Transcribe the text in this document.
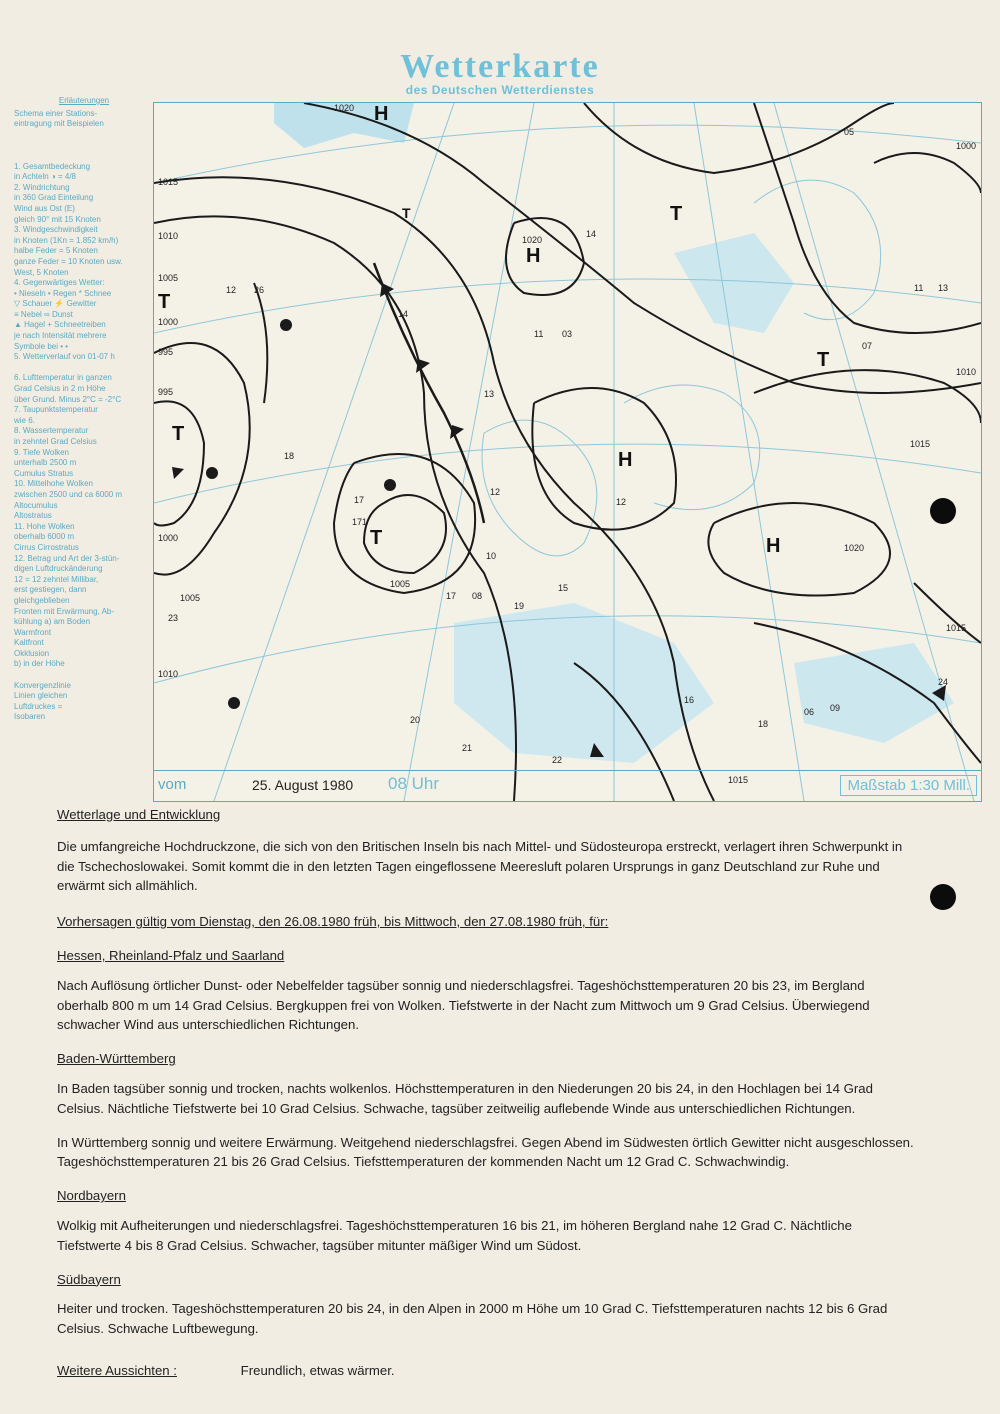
Wetterkarte
des Deutschen Wetterdienstes
Erläuterungen
Schema einer Stations-
eintragung mit Beispielen
1. Gesamtbedeckung
in Achteln ◑ = 4/8
2. Windrichtung
in 360 Grad Einteilung
Wind aus Ost (E)
gleich 90° mit 15 Knoten
3. Windgeschwindigkeit
in Knoten (1Kn = 1.852 km/h)
halbe Feder = 5 Knoten
ganze Feder = 10 Knoten usw.
West, 5 Knoten
4. Gegenwärtiges Wetter:
• Nieseln • Regen * Schnee
▽ Schauer ⚡ Gewitter
≡ Nebel ∞ Dunst
▲ Hagel + Schneetreiben
je nach Intensität mehrere
Symbole bei • •
5. Wetterverlauf von 01-07 h
6. Lufttemperatur in ganzen
Grad Celsius in 2 m Höhe
über Grund. Minus 2°C = -2°C
7. Taupunktstemperatur
wie 6.
8. Wassertemperatur
in zehntel Grad Celsius
9. Tiefe Wolken
unterhalb 2500 m
Cumulus Stratus
10. Mittelhohe Wolken
zwischen 2500 und ca 6000 m
Altocumulus
Altostratus
11. Hohe Wolken
oberhalb 6000 m
Cirrus Cirrostratus
12. Betrag und Art der 3-stün-
digen Luftdruckänderung
12 = 12 zehntel Millibar,
erst gestiegen, dann
gleichgeblieben
Fronten mit Erwärmung, Ab-
kühlung a) am Boden
Warmfront
Kaltfront
Okklusion
b) in der Höhe
Konvergenzlinie
Linien gleichen
Luftdruckes =
Isobaren
H
H
H
H
T
T
T
T
T
T
1020
1015
1010
1005
1000
995
995
1000
1005
1010
1015
1020
1020
1015
1015
1010
1005
1000
12 26
18
17
171
14
13
12
11 03
19
10
15
17 08
21
22
20	18
16
09
07
06
05
11 13
24
23
14
12
vom	25. August 1980 08 Uhr	Maßstab 1:30 Mill.
Wetterlage und Entwicklung

Die umfangreiche Hochdruckzone, die sich von den Britischen Inseln bis nach Mittel- und Südosteuropa erstreckt, verlagert ihren Schwerpunkt in die Tschechoslowakei. Somit kommt die in den letzten Tagen eingeflossene Meeresluft polaren Ursprungs in ganz Deutschland zur Ruhe und erwärmt sich allmählich.

Vorhersagen gültig vom Dienstag, den 26.08.1980 früh, bis Mittwoch, den 27.08.1980 früh, für:
Hessen, Rheinland-Pfalz und Saarland

Nach Auflösung örtlicher Dunst- oder Nebelfelder tagsüber sonnig und niederschlagsfrei. Tageshöchsttemperaturen 20 bis 23, im Bergland oberhalb 800 m um 14 Grad Celsius. Bergkuppen frei von Wolken. Tiefstwerte in der Nacht zum Mittwoch um 9 Grad Celsius. Überwiegend schwacher Wind aus unterschiedlichen Richtungen.

Baden-Württemberg

In Baden tagsüber sonnig und trocken, nachts wolkenlos. Höchsttemperaturen in den Niederungen 20 bis 24, in den Hochlagen bei 14 Grad Celsius. Nächtliche Tiefstwerte bei 10 Grad Celsius. Schwache, tagsüber zeitweilig auflebende Winde aus unterschiedlichen Richtungen.

In Württemberg sonnig und weitere Erwärmung. Weitgehend niederschlagsfrei. Gegen Abend im Südwesten örtlich Gewitter nicht ausgeschlossen. Tageshöchsttemperaturen 21 bis 26 Grad Celsius. Tiefsttemperaturen der kommenden Nacht um 12 Grad C. Schwachwindig.

Nordbayern

Wolkig mit Aufheiterungen und niederschlagsfrei. Tageshöchsttemperaturen 16 bis 21, im höheren Bergland nahe 12 Grad C. Nächtliche Tiefstwerte 4 bis 8 Grad Celsius. Schwacher, tagsüber mitunter mäßiger Wind um Südost.

Südbayern

Heiter und trocken. Tageshöchsttemperaturen 20 bis 24, in den Alpen in 2000 m Höhe um 10 Grad C. Tiefsttemperaturen nachts 12 bis 6 Grad Celsius. Schwache Luftbewegung.

Weitere Aussichten :	Freundlich, etwas wärmer.
